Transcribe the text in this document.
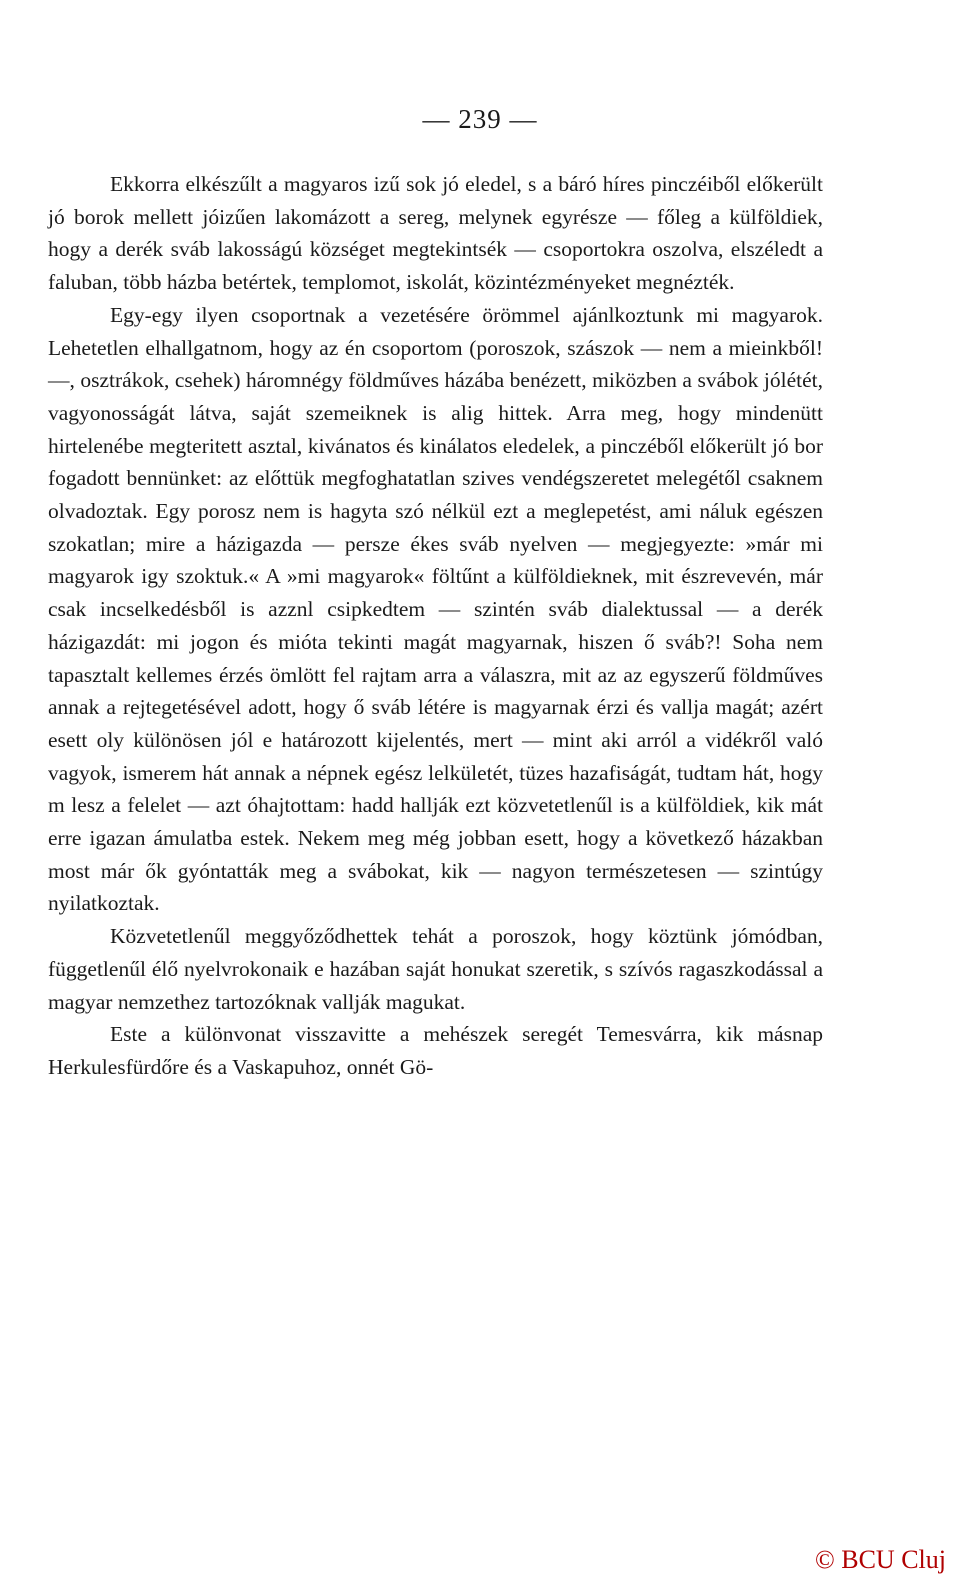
— 239 —

Ekkorra elkészűlt a magyaros izű sok jó eledel, s a báró híres pinczéiből előkerült jó borok mellett jóizűen lakomázott a sereg, melynek egyrésze — főleg a külföldiek, hogy a derék sváb lakosságú községet megtekintsék — csoportokra oszolva, elszéledt a faluban, több házba betértek, templomot, iskolát, közintézményeket megnézték.

Egy-egy ilyen csoportnak a vezetésére örömmel ajánlkoztunk mi magyarok. Lehetetlen elhallgatnom, hogy az én csoportom (poroszok, szászok — nem a mieinkből! —, osztrákok, csehek) háromnégy földműves házába benézett, miközben a svábok jólétét, vagyonosságát látva, saját szemeiknek is alig hittek. Arra meg, hogy mindenütt hirtelenébe megteritett asztal, kivánatos és kinálatos eledelek, a pinczéből előkerült jó bor fogadott bennünket: az előttük megfoghatatlan szives vendégszeretet melegétől csaknem olvadoztak. Egy porosz nem is hagyta szó nélkül ezt a meglepetést, ami náluk egészen szokatlan; mire a házigazda — persze ékes sváb nyelven — megjegyezte: »már mi magyarok igy szoktuk.« A »mi magyarok« föltűnt a külföldieknek, mit észrevevén, már csak incselkedésből is azznl csipkedtem — szintén sváb dialektussal — a derék házigazdát: mi jogon és mióta tekinti magát magyarnak, hiszen ő sváb?! Soha nem tapasztalt kellemes érzés ömlött fel rajtam arra a válaszra, mit az az egyszerű földműves annak a rejtegetésével adott, hogy ő sváb létére is magyarnak érzi és vallja magát; azért esett oly különösen jól e határozott kijelentés, mert — mint aki arról a vidékről való vagyok, ismerem hát annak a népnek egész lelkületét, tüzes hazafiságát, tudtam hát, hogy m lesz a felelet — azt óhajtottam: hadd hallják ezt közvetetlenűl is a külföldiek, kik mát erre igazan ámulatba estek. Nekem meg még jobban esett, hogy a következő házakban most már ők gyóntatták meg a svábokat, kik — nagyon természetesen — szintúgy nyilatkoztak.

Közvetetlenűl meggyőződhettek tehát a poroszok, hogy köztünk jómódban, függetlenűl élő nyelvrokonaik e hazában saját honukat szeretik, s szívós ragaszkodással a magyar nemzethez tartozóknak vallják magukat.

Este a különvonat visszavitte a mehészek seregét Temesvárra, kik másnap Herkulesfürdőre és a Vaskapuhoz, onnét Gö-

© BCU Cluj
